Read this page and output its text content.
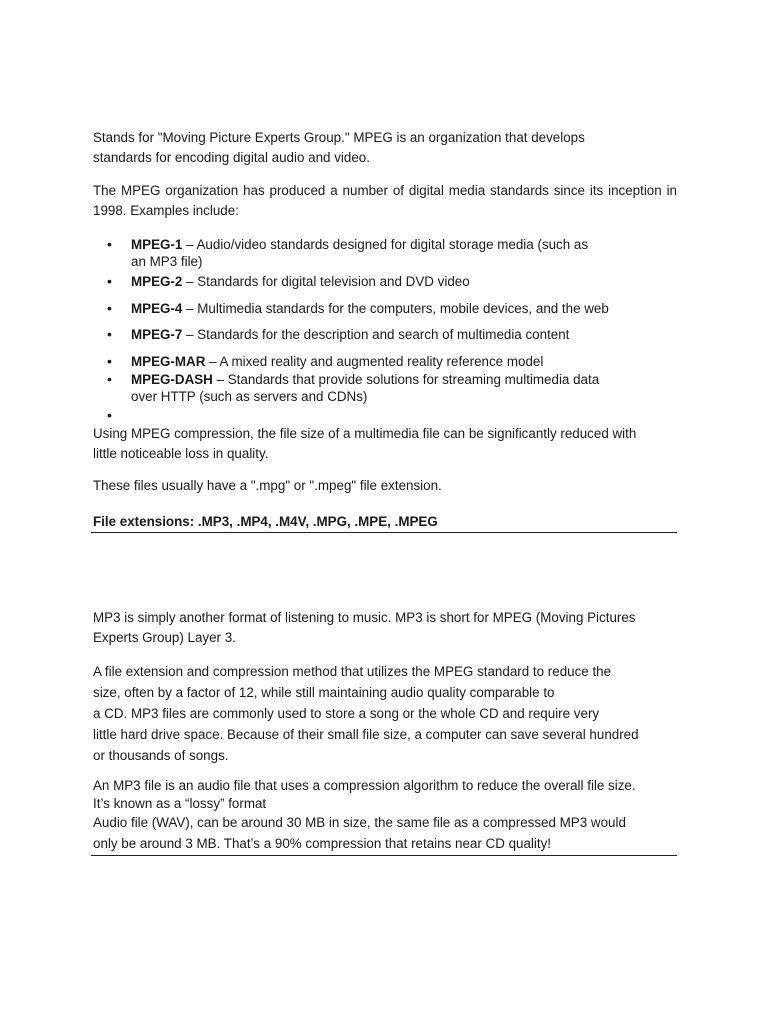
Stands for "Moving Picture Experts Group." MPEG is an organization that develops
standards for encoding digital audio and video.

The MPEG organization has produced a number of digital media standards since its inception in 1998. Examples include:

• MPEG-1 – Audio/video standards designed for digital storage media (such as
an MP3 file)
• MPEG-2 – Standards for digital television and DVD video
• MPEG-4 – Multimedia standards for the computers, mobile devices, and the web
• MPEG-7 – Standards for the description and search of multimedia content
• MPEG-MAR – A mixed reality and augmented reality reference model
• MPEG-DASH – Standards that provide solutions for streaming multimedia data
over HTTP (such as servers and CDNs)

Using MPEG compression, the file size of a multimedia file can be significantly reduced with
little noticeable loss in quality.

These files usually have a ".mpg" or ".mpeg" file extension.

File extensions: .MP3, .MP4, .M4V, .MPG, .MPE, .MPEG

MP3 is simply another format of listening to music. MP3 is short for MPEG (Moving Pictures
Experts Group) Layer 3.

A file extension and compression method that utilizes the MPEG standard to reduce the
size, often by a factor of 12, while still maintaining audio quality comparable to
a CD. MP3 files are commonly used to store a song or the whole CD and require very
little hard drive space. Because of their small file size, a computer can save several hundred
or thousands of songs.

An MP3 file is an audio file that uses a compression algorithm to reduce the overall file size.
It’s known as a “lossy” format

Audio file (WAV), can be around 30 MB in size, the same file as a compressed MP3 would
only be around 3 MB. That’s a 90% compression that retains near CD quality!
